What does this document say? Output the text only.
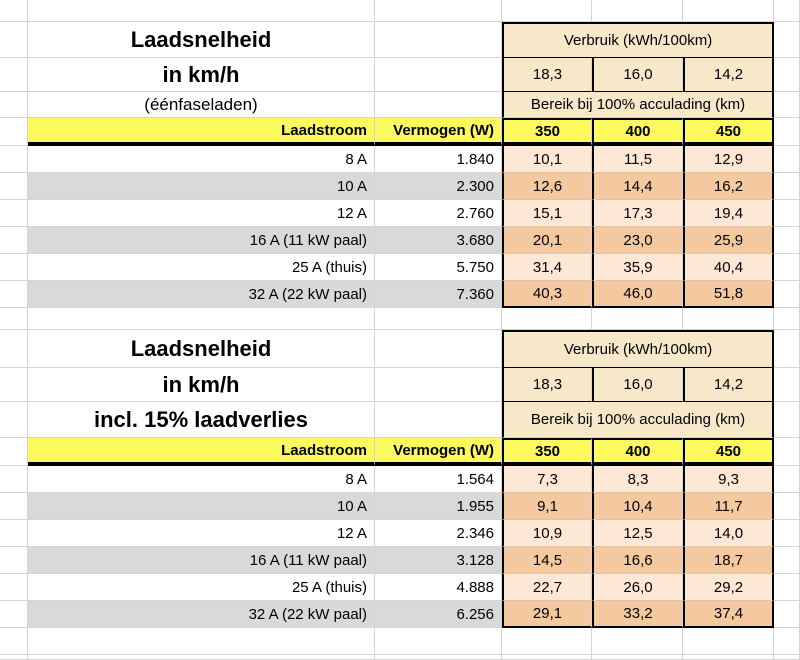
Laadsnelheid	Verbruik (kWh/100km)
in km/h	18,3	16,0	14,2
(éénfaseladen)	Bereik bij 100% acculading (km)
Laadstroom	Vermogen (W)	350	400	450
8 A	1.840	10,1	11,5	12,9
10 A	2.300	12,6	14,4	16,2
12 A	2.760	15,1	17,3	19,4
16 A (11 kW paal)	3.680	20,1	23,0	25,9
25 A (thuis)	5.750	31,4	35,9	40,4
32 A (22 kW paal)	7.360	40,3	46,0	51,8
Laadsnelheid	Verbruik (kWh/100km)
in km/h	18,3	16,0	14,2
incl. 15% laadverlies	Bereik bij 100% acculading (km)
Laadstroom	Vermogen (W)	350	400	450
8 A	1.564	7,3	8,3	9,3
10 A	1.955	9,1	10,4	11,7
12 A	2.346	10,9	12,5	14,0
16 A (11 kW paal)	3.128	14,5	16,6	18,7
25 A (thuis)	4.888	22,7	26,0	29,2
32 A (22 kW paal)	6.256	29,1	33,2	37,4
